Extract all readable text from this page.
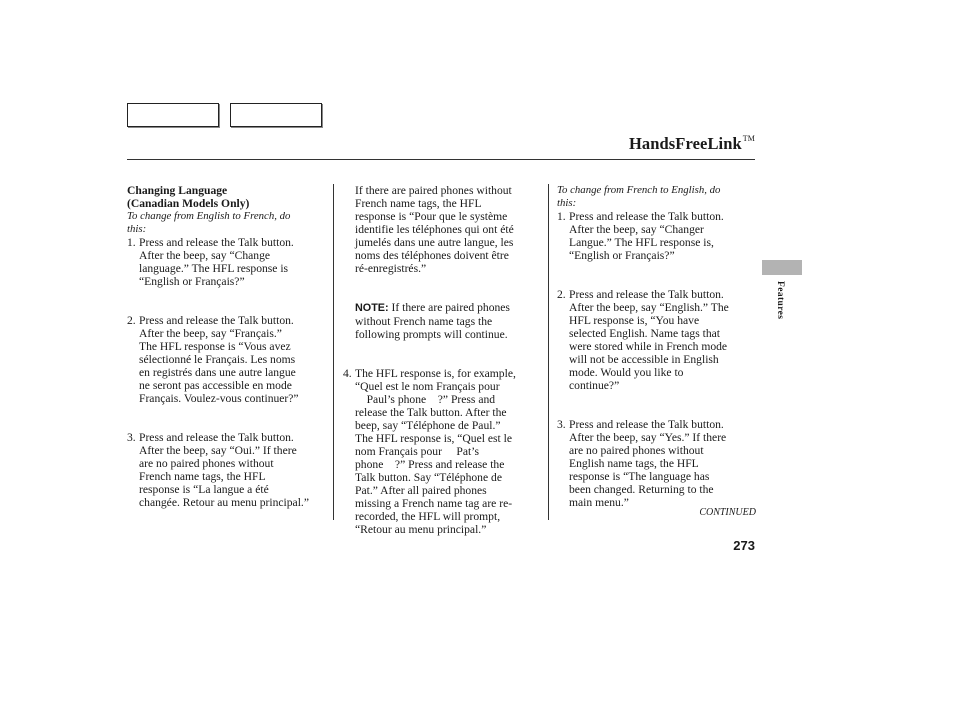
HandsFreeLink™
Changing Language
(Canadian Models Only)
To change from English to French, do
this:
1. Press and release the Talk button.
After the beep, say “Change
language.” The HFL response is
“English or Français?”
2. Press and release the Talk button.
After the beep, say “Français.”
The HFL response is “Vous avez
sélectionné le Français. Les noms
en registrés dans une autre langue
ne seront pas accessible en mode
Français. Voulez-vous continuer?”
3. Press and release the Talk button.
After the beep, say “Oui.” If there
are no paired phones without
French name tags, the HFL
response is “La langue a été
changée. Retour au menu principal.”
If there are paired phones without
French name tags, the HFL
response is “Pour que le système
identifie les téléphones qui ont été
jumelés dans une autre langue, les
noms des téléphones doivent être
ré-enregistrés.”
NOTE: If there are paired phones
without French name tags the
following prompts will continue.
4. The HFL response is, for example,
“Quel est le nom Français pour
Paul’s phone    ?” Press and
release the Talk button. After the
beep, say “Téléphone de Paul.”
The HFL response is, “Quel est le
nom Français pour     Pat’s
phone    ?” Press and release the
Talk button. Say “Téléphone de
Pat.” After all paired phones
missing a French name tag are re-
recorded, the HFL will prompt,
“Retour au menu principal.”
To change from French to English, do
this:
1. Press and release the Talk button.
After the beep, say “Changer
Langue.” The HFL response is,
“English or Français?”
2. Press and release the Talk button.
After the beep, say “English.” The
HFL response is, “You have
selected English. Name tags that
were stored while in French mode
will not be accessible in English
mode. Would you like to
continue?”
3. Press and release the Talk button.
After the beep, say “Yes.” If there
are no paired phones without
English name tags, the HFL
response is “The language has
been changed. Returning to the
main menu.”
Features
CONTINUED
273
